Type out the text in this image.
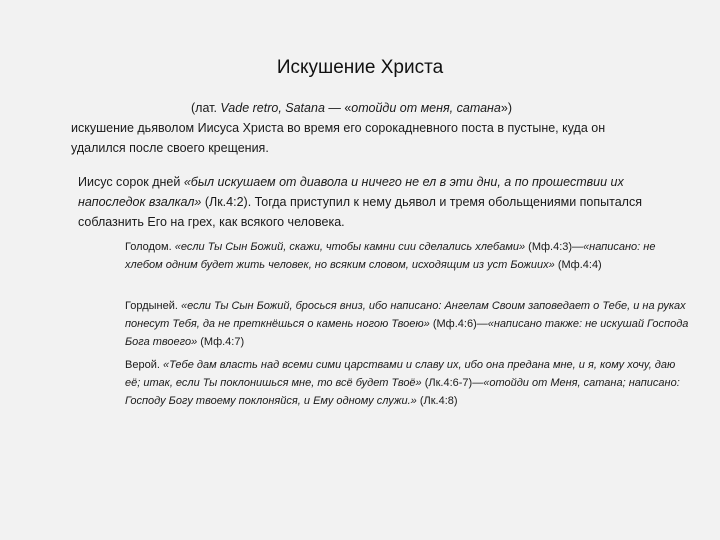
Искушение Христа
(лат. Vade retro, Satana — «отойди от меня, сатана»)
искушение дьяволом Иисуса Христа во время его сорокадневного поста в пустыне, куда он удалился после своего крещения.
Иисус сорок дней «был искушаем от диавола и ничего не ел в эти дни, а по прошествии их напоследок взалкал» (Лк.4:2). Тогда приступил к нему дьявол и тремя обольщениями попытался соблазнить Его на грех, как всякого человека.
Голодом. «если Ты Сын Божий, скажи, чтобы камни сии сделались хлебами» (Мф.4:3)—«написано: не хлебом одним будет жить человек, но всяким словом, исходящим из уст Божиих» (Мф.4:4)
Гордыней. «если Ты Сын Божий, бросься вниз, ибо написано: Ангелам Своим заповедает о Тебе, и на руках понесут Тебя, да не преткнёшься о камень ногою Твоею» (Мф.4:6)—«написано также: не искушай Господа Бога твоего» (Мф.4:7)
Верой. «Тебе дам власть над всеми сими царствами и славу их, ибо она предана мне, и я, кому хочу, даю её; итак, если Ты поклонишься мне, то всё будет Твоё» (Лк.4:6-7)—«отойди от Меня, сатана; написано: Господу Богу твоему поклоняйся, и Ему одному служи.» (Лк.4:8)
